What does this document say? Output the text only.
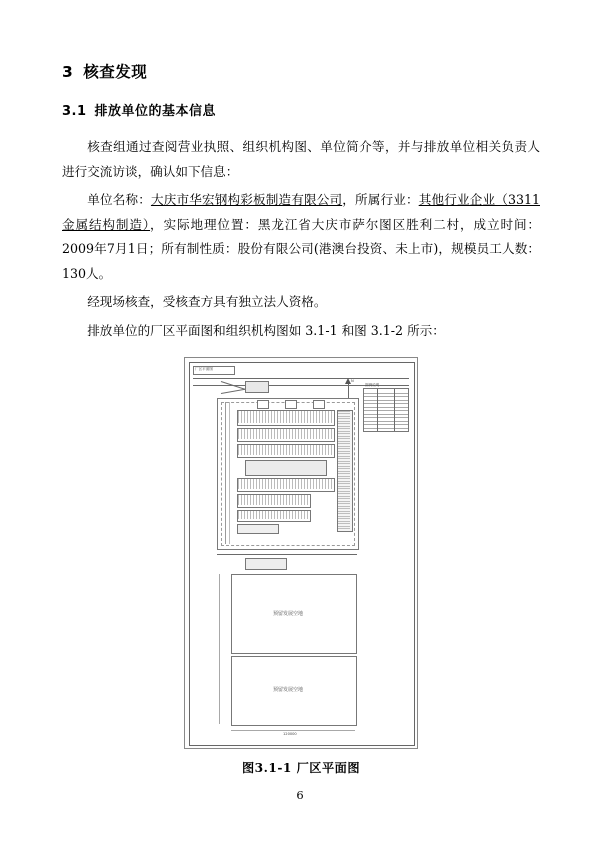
3 核查发现
3.1 排放单位的基本信息

核查组通过查阅营业执照、组织机构图、单位简介等，并与排放单位相关负责人进行交流访谈，确认如下信息：

单位名称：大庆市华宏钢构彩板制造有限公司，所属行业：其他行业企业（3311金属结构制造），实际地理位置：黑龙江省大庆市萨尔图区胜利二村，成立时间：2009年7月1日；所有制性质：股份有限公司(港澳台投资、未上市)，规模员工人数：130人。

经现场核查，受核查方具有独立法人资格。

排放单位的厂区平面图和组织机构图如 3.1-1 和图 3.1-2 所示：

厂区平面图
N
图例说明
预留发展空地
预留发展空地
120000
图3.1-1 厂区平面图
6
